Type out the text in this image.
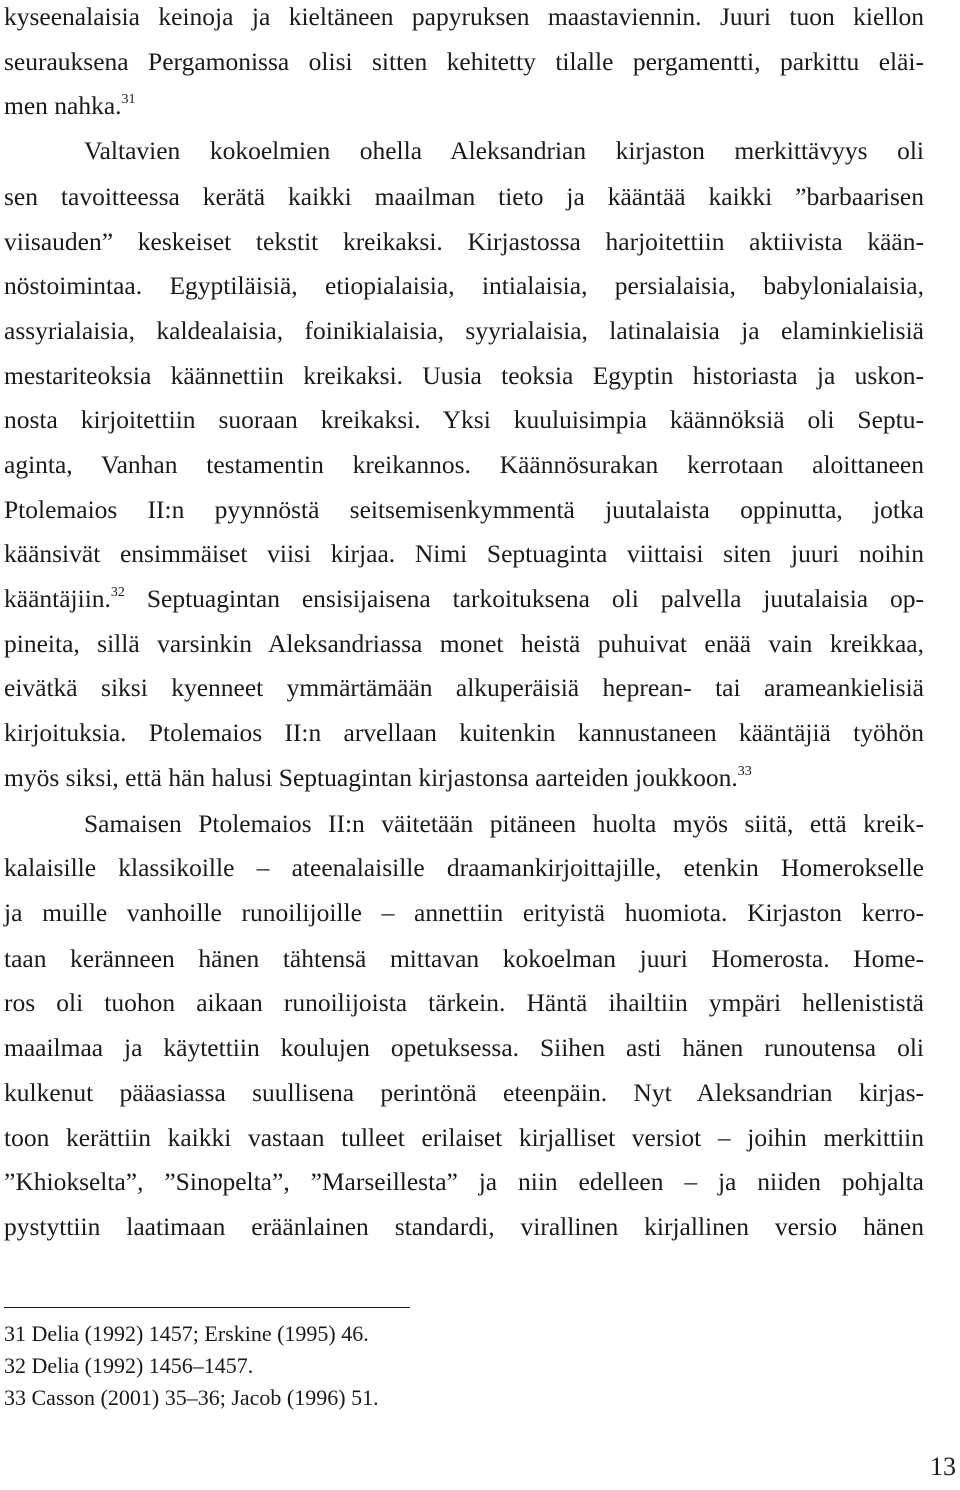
kyseenalaisia keinoja ja kieltäneen papyruksen maastaviennin. Juuri tuon kiellon
seurauksena Pergamonissa olisi sitten kehitetty tilalle pergamentti, parkittu eläi-
men nahka.$^{31}$
Valtavien kokoelmien ohella Aleksandrian kirjaston merkittävyys oli
sen tavoitteessa kerätä kaikki maailman tieto ja kääntää kaikki ”barbaarisen
viisauden” keskeiset tekstit kreikaksi. Kirjastossa harjoitettiin aktiivista kään-
nöstoimintaa. Egyptiläisiä, etiopialaisia, intialaisia, persialaisia, babylonialaisia,
assyrialaisia, kaldealaisia, foinikialaisia, syyrialaisia, latinalaisia ja elaminkielisiä
mestariteoksia käännettiin kreikaksi. Uusia teoksia Egyptin historiasta ja uskon-
nosta kirjoitettiin suoraan kreikaksi. Yksi kuuluisimpia käännöksiä oli Septu-
aginta, Vanhan testamentin kreikannos. Käännösurakan kerrotaan aloittaneen
Ptolemaios II:n pyynnöstä seitsemisenkymmentä juutalaista oppinutta, jotka
käänsivät ensimmäiset viisi kirjaa. Nimi Septuaginta viittaisi siten juuri noihin
kääntäjiin.$^{32}$ Septuagintan ensisijaisena tarkoituksena oli palvella juutalaisia op-
pineita, sillä varsinkin Aleksandriassa monet heistä puhuivat enää vain kreikkaa,
eivätkä siksi kyenneet ymmärtämään alkuperäisiä heprean- tai arameankielisiä
kirjoituksia. Ptolemaios II:n arvellaan kuitenkin kannustaneen kääntäjiä työhön
myös siksi, että hän halusi Septuagintan kirjastonsa aarteiden joukkoon.$^{33}$
Samaisen Ptolemaios II:n väitetään pitäneen huolta myös siitä, että kreik-
kalaisille klassikoille – ateenalaisille draamankirjoittajille, etenkin Homerokselle
ja muille vanhoille runoilijoille – annettiin erityistä huomiota. Kirjaston kerro-
taan keränneen hänen tähtensä mittavan kokoelman juuri Homerosta. Home-
ros oli tuohon aikaan runoilijoista tärkein. Häntä ihailtiin ympäri hellenististä
maailmaa ja käytettiin koulujen opetuksessa. Siihen asti hänen runoutensa oli
kulkenut pääasiassa suullisena perintönä eteenpäin. Nyt Aleksandrian kirjas-
toon kerättiin kaikki vastaan tulleet erilaiset kirjalliset versiot – joihin merkittiin
”Khiokselta”, ”Sinopelta”, ”Marseillesta” ja niin edelleen – ja niiden pohjalta
pystyttiin laatimaan eräänlainen standardi, virallinen kirjallinen versio hänen
31 Delia (1992) 1457; Erskine (1995) 46.
32 Delia (1992) 1456–1457.
33 Casson (2001) 35–36; Jacob (1996) 51.
13
